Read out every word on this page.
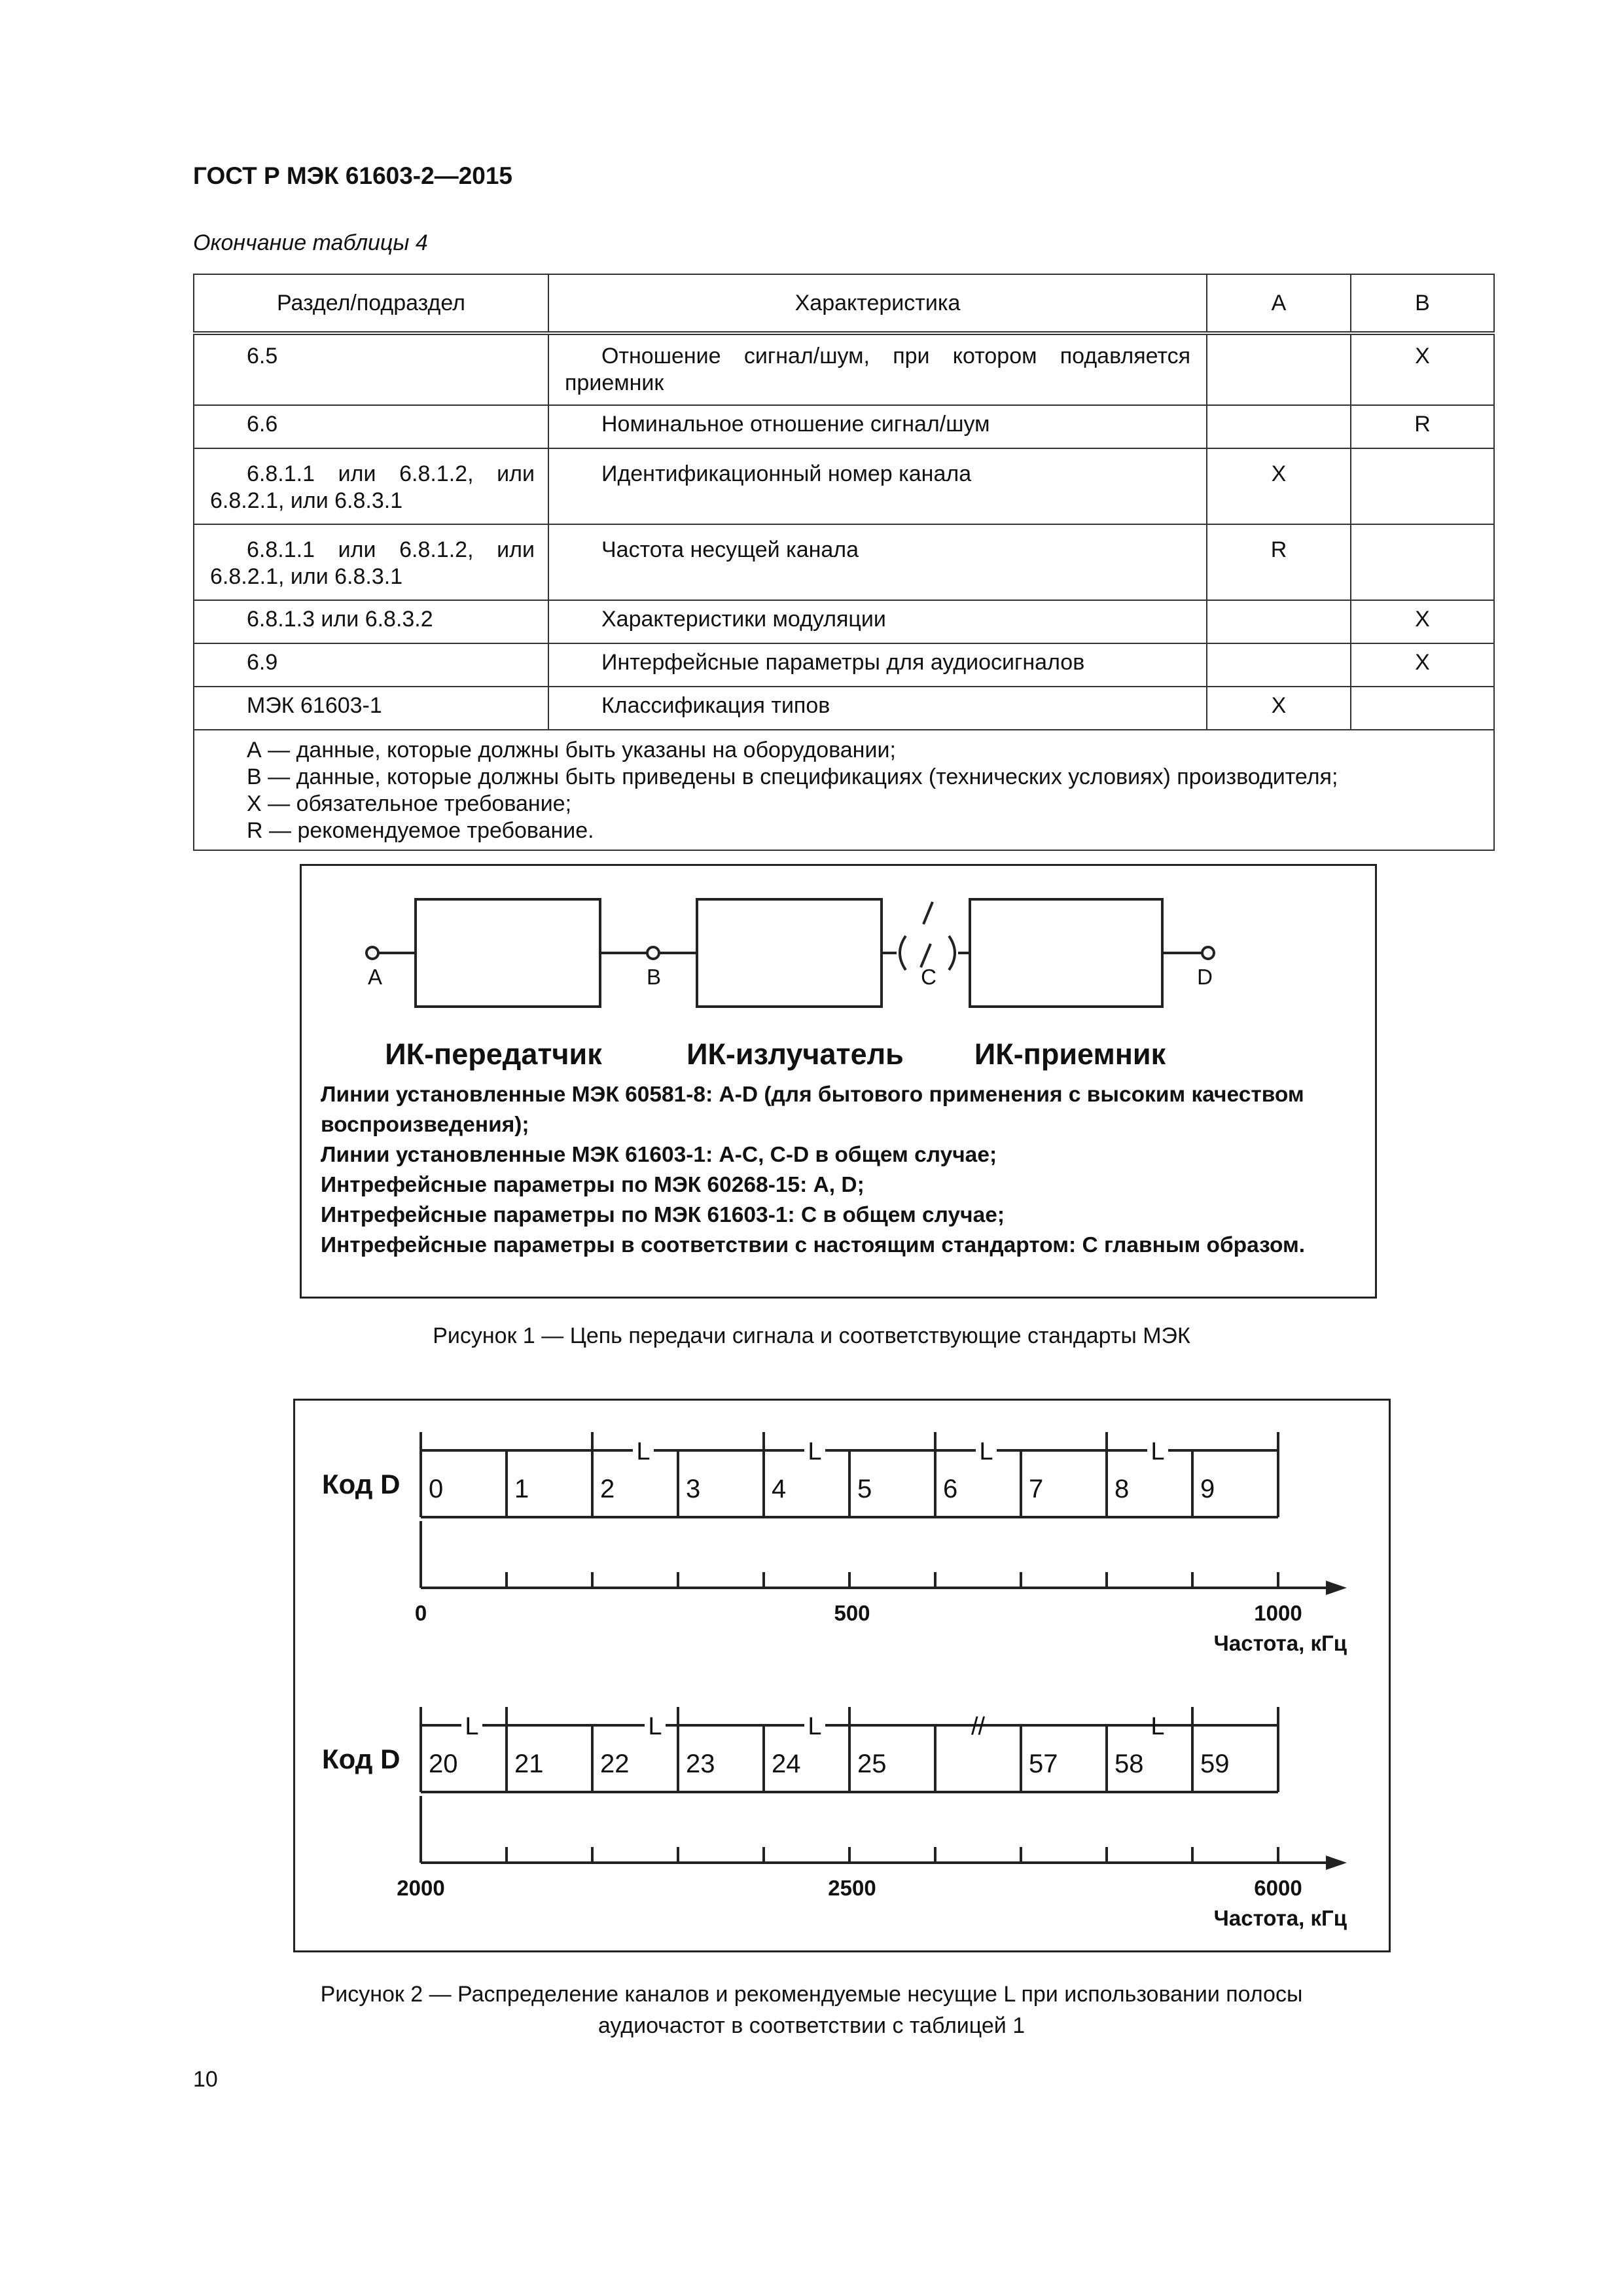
ГОСТ Р МЭК 61603-2—2015
Окончание таблицы 4
Раздел/подраздел	Характеристика	А	В
6.5	Отношение сигнал/шум, при котором подавляется приемник		X
6.6	Номинальное отношение сигнал/шум		R
6.8.1.1 или 6.8.1.2, или 6.8.2.1, или 6.8.3.1	Идентификационный номер канала	X	
6.8.1.1 или 6.8.1.2, или 6.8.2.1, или 6.8.3.1	Частота несущей канала	R	
6.8.1.3 или 6.8.3.2	Характеристики модуляции		X
6.9	Интерфейсные параметры для аудиосигналов		X
МЭК 61603-1	Классификация типов	X	

А — данные, которые должны быть указаны на оборудовании;
В — данные, которые должны быть приведены в спецификациях (технических условиях) производителя;
X — обязательное требование;
R — рекомендуемое требование.			
A	B	C	D
ИК-передатчик	ИК-излучатель ИК-приемник
Линии установленные МЭК 60581-8: A-D (для бытового применения с высоким качеством
воспроизведения);
Линии установленные МЭК 61603-1: A-C, C-D в общем случае;
Интрефейсные параметры по МЭК 60268-15: A, D;
Интрефейсные параметры по МЭК 61603-1: C в общем случае;
Интрефейсные параметры в соответствии с настоящим стандартом: C главным образом.
Рисунок 1 — Цепь передачи сигнала и соответствующие стандарты МЭК
L	L	L	L
0	1	2	3	4	5	6	7	8	9
Код D
0	500	1000
Частота, кГц
L	L	L	L
//
20 21 22 23 24 25	57 58 59
Код D
2000	2500	6000
Частота, кГц
Рисунок 2 — Распределение каналов и рекомендуемые несущие L при использовании полосы
аудиочастот в соответствии с таблицей 1
10
